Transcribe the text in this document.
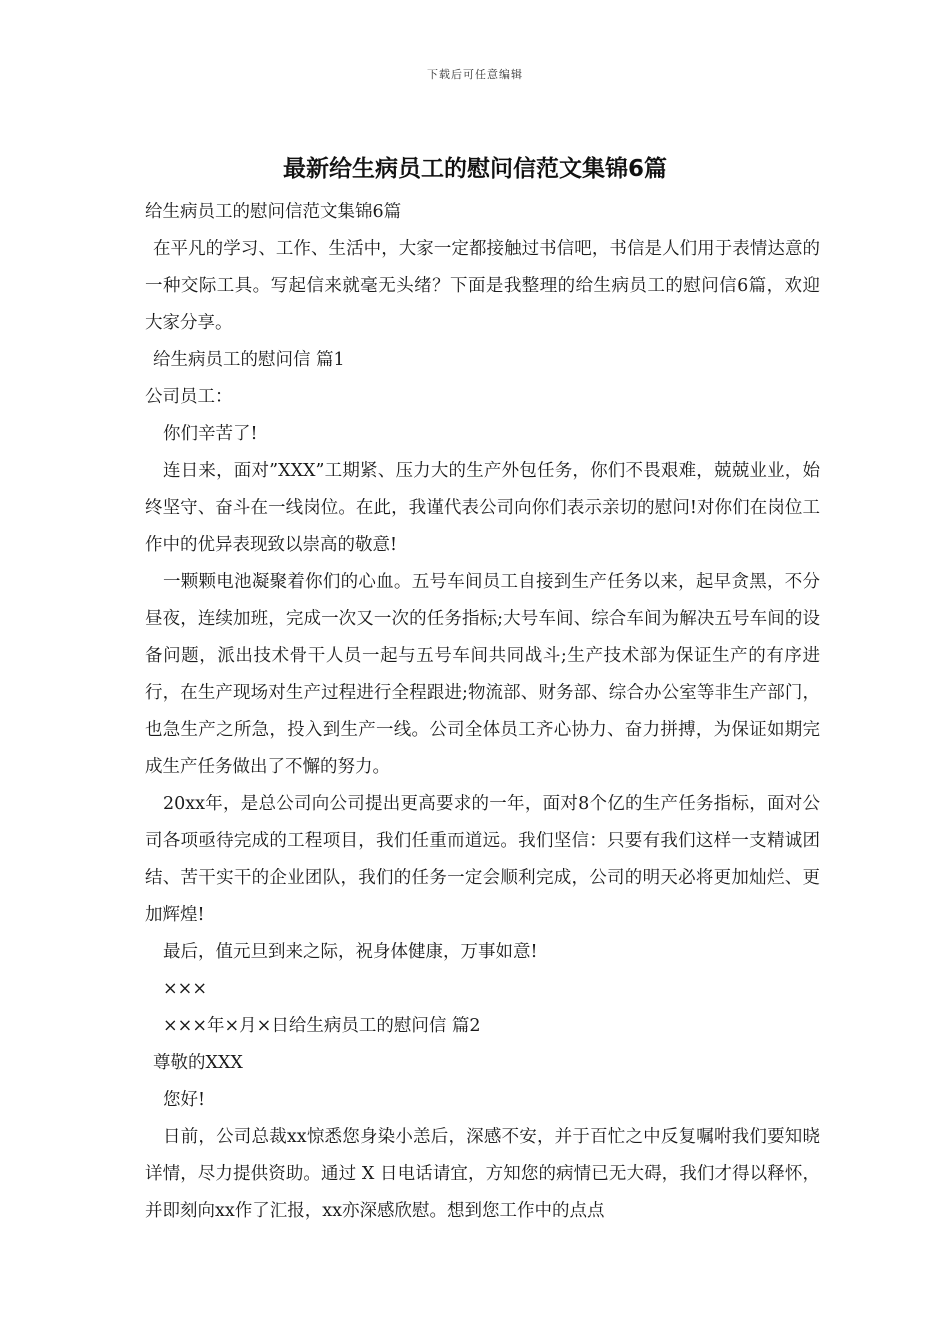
下载后可任意编辑
最新给生病员工的慰问信范文集锦6篇
给生病员工的慰问信范文集锦6篇

在平凡的学习、工作、生活中，大家一定都接触过书信吧，书信是人们用于表情达意的一种交际工具。写起信来就毫无头绪？下面是我整理的给生病员工的慰问信6篇，欢迎大家分享。

给生病员工的慰问信 篇1
公司员工：
你们辛苦了!

连日来，面对”XXX”工期紧、压力大的生产外包任务，你们不畏艰难，兢兢业业，始终坚守、奋斗在一线岗位。在此，我谨代表公司向你们表示亲切的慰问!对你们在岗位工作中的优异表现致以崇高的敬意!

一颗颗电池凝聚着你们的心血。五号车间员工自接到生产任务以来，起早贪黑，不分昼夜，连续加班，完成一次又一次的任务指标;大号车间、综合车间为解决五号车间的设备问题，派出技术骨干人员一起与五号车间共同战斗;生产技术部为保证生产的有序进行，在生产现场对生产过程进行全程跟进;物流部、财务部、综合办公室等非生产部门，也急生产之所急，投入到生产一线。公司全体员工齐心协力、奋力拼搏，为保证如期完成生产任务做出了不懈的努力。

20xx年，是总公司向公司提出更高要求的一年，面对8个亿的生产任务指标，面对公司各项亟待完成的工程项目，我们任重而道远。我们坚信：只要有我们这样一支精诚团结、苦干实干的企业团队，我们的任务一定会顺利完成，公司的明天必将更加灿烂、更加辉煌!

最后，值元旦到来之际，祝身体健康，万事如意!
×××
×××年×月×日给生病员工的慰问信 篇2
尊敬的XXX
您好!

日前，公司总裁xx惊悉您身染小恙后，深感不安，并于百忙之中反复嘱咐我们要知晓详情，尽力提供资助。通过 X 日电话请宜，方知您的病情已无大碍，我们才得以释怀，并即刻向xx作了汇报，xx亦深感欣慰。想到您工作中的点点
